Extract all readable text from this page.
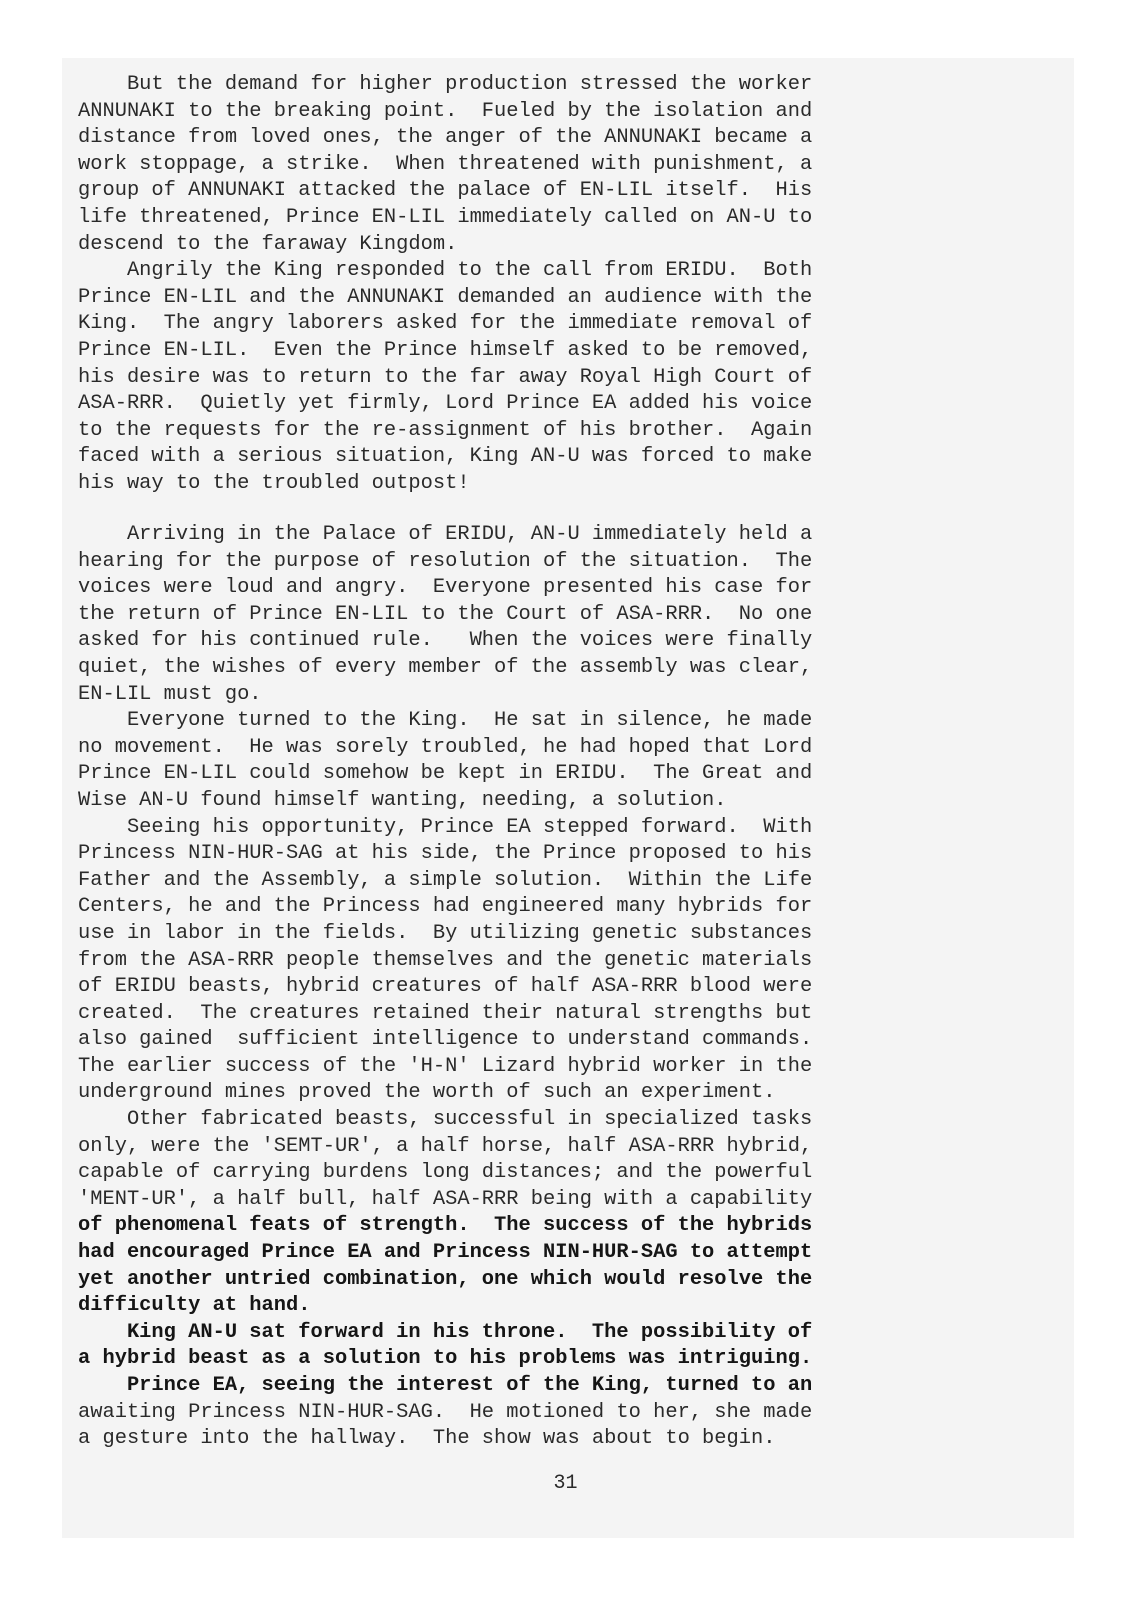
But the demand for higher production stressed the worker
ANNUNAKI to the breaking point.  Fueled by the isolation and
distance from loved ones, the anger of the ANNUNAKI became a
work stoppage, a strike.  When threatened with punishment, a
group of ANNUNAKI attacked the palace of EN-LIL itself.  His
life threatened, Prince EN-LIL immediately called on AN-U to
descend to the faraway Kingdom.
Angrily the King responded to the call from ERIDU.  Both
Prince EN-LIL and the ANNUNAKI demanded an audience with the
King.  The angry laborers asked for the immediate removal of
Prince EN-LIL.  Even the Prince himself asked to be removed,
his desire was to return to the far away Royal High Court of
ASA-RRR.  Quietly yet firmly, Lord Prince EA added his voice
to the requests for the re-assignment of his brother.  Again
faced with a serious situation, King AN-U was forced to make
his way to the troubled outpost!
Arriving in the Palace of ERIDU, AN-U immediately held a
hearing for the purpose of resolution of the situation.  The
voices were loud and angry.  Everyone presented his case for
the return of Prince EN-LIL to the Court of ASA-RRR.  No one
asked for his continued rule.   When the voices were finally
quiet, the wishes of every member of the assembly was clear,
EN-LIL must go.
Everyone turned to the King.  He sat in silence, he made
no movement.  He was sorely troubled, he had hoped that Lord
Prince EN-LIL could somehow be kept in ERIDU.  The Great and
Wise AN-U found himself wanting, needing, a solution.
Seeing his opportunity, Prince EA stepped forward.  With
Princess NIN-HUR-SAG at his side, the Prince proposed to his
Father and the Assembly, a simple solution.  Within the Life
Centers, he and the Princess had engineered many hybrids for
use in labor in the fields.  By utilizing genetic substances
from the ASA-RRR people themselves and the genetic materials
of ERIDU beasts, hybrid creatures of half ASA-RRR blood were
created.  The creatures retained their natural strengths but
also gained  sufficient intelligence to understand commands.
The earlier success of the 'H-N' Lizard hybrid worker in the
underground mines proved the worth of such an experiment.
Other fabricated beasts, successful in specialized tasks
only, were the 'SEMT-UR', a half horse, half ASA-RRR hybrid,
capable of carrying burdens long distances; and the powerful
'MENT-UR', a half bull, half ASA-RRR being with a capability
of phenomenal feats of strength.  The success of the hybrids
had encouraged Prince EA and Princess NIN-HUR-SAG to attempt
yet another untried combination, one which would resolve the
difficulty at hand.
King AN-U sat forward in his throne.  The possibility of
a hybrid beast as a solution to his problems was intriguing.
Prince EA, seeing the interest of the King, turned to an
awaiting Princess NIN-HUR-SAG.  He motioned to her, she made
a gesture into the hallway.  The show was about to begin.
31
